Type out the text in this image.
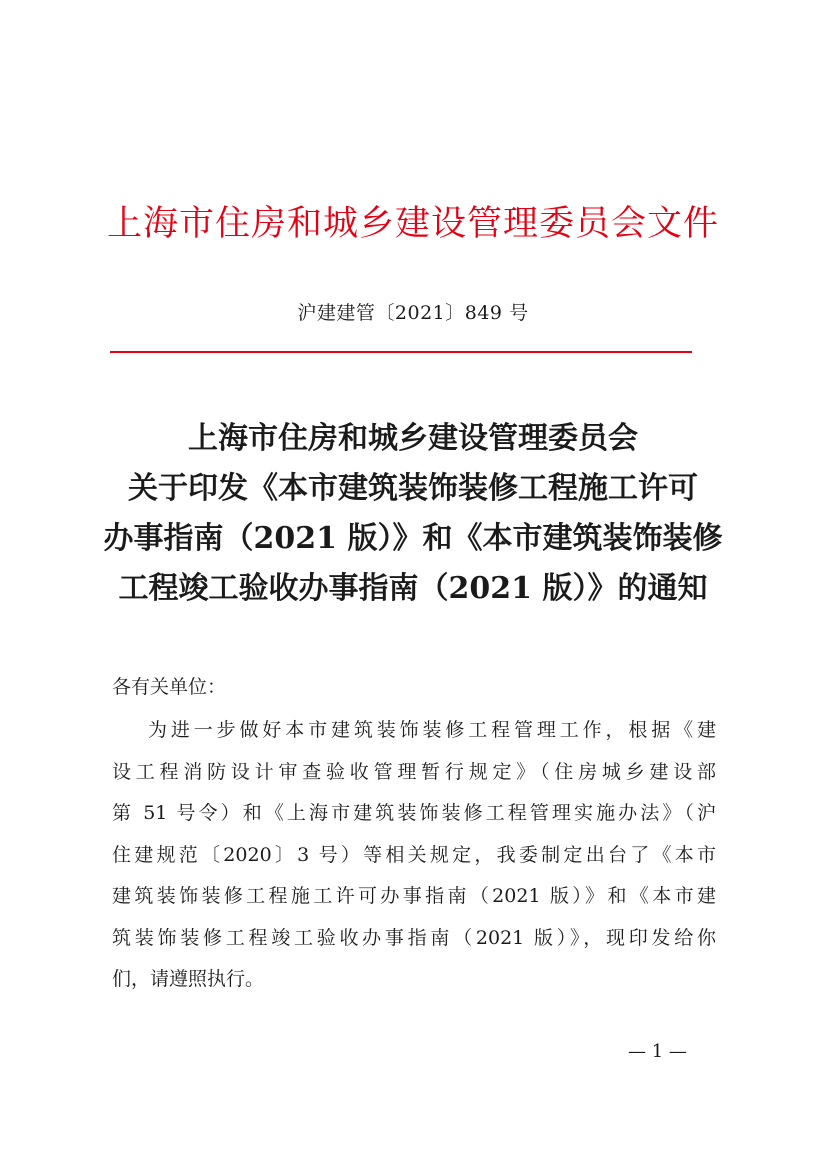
上海市住房和城乡建设管理委员会文件
沪建建管〔2021〕849 号
上海市住房和城乡建设管理委员会
关于印发《本市建筑装饰装修工程施工许可
办事指南（2021 版）》和《本市建筑装饰装修
工程竣工验收办事指南（2021 版）》的通知
各有关单位：
为进一步做好本市建筑装饰装修工程管理工作，根据《建
设工程消防设计审查验收管理暂行规定》（住房城乡建设部
第 51 号令）和《上海市建筑装饰装修工程管理实施办法》（沪
住建规范〔2020〕3 号）等相关规定，我委制定出台了《本市
建筑装饰装修工程施工许可办事指南（2021 版）》和《本市建
筑装饰装修工程竣工验收办事指南（2021 版）》，现印发给你
们，请遵照执行。
— 1 —
